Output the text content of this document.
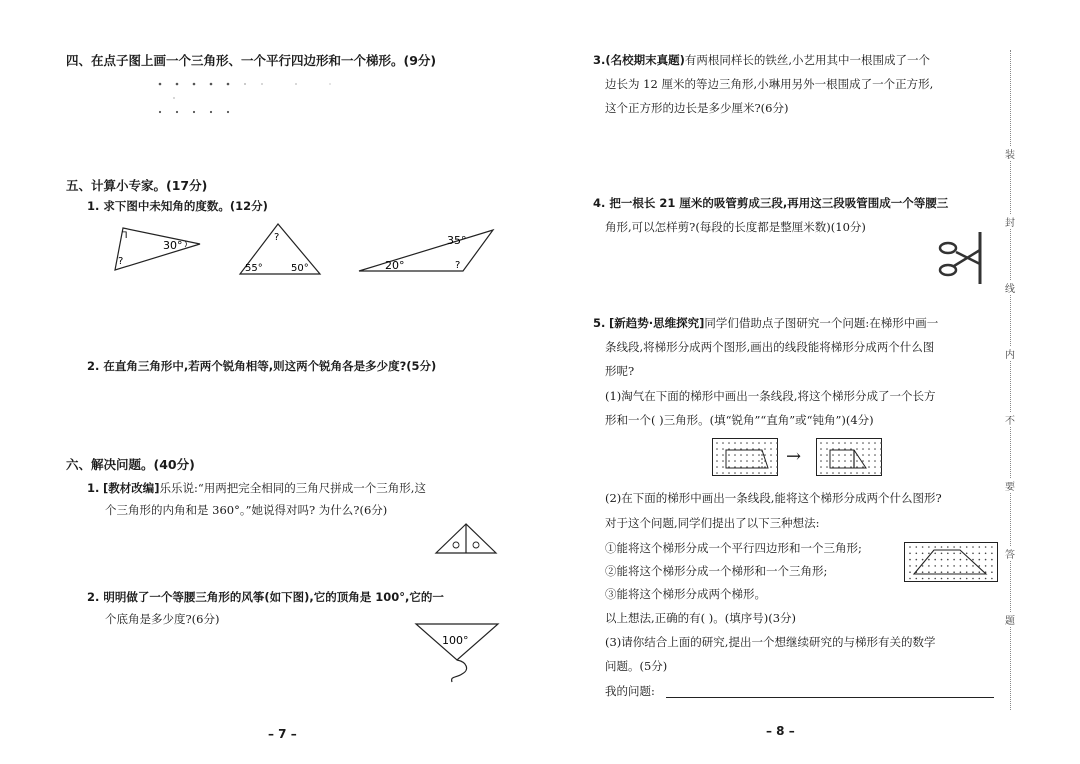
四、在点子图上画一个三角形、一个平行四边形和一个梯形。(9分)
五、计算小专家。(17分)
1. 求下图中未知角的度数。(12分)
30°
?
ᒣ	?
55°	50°
35°
20°	?
2. 在直角三角形中,若两个锐角相等,则这两个锐角各是多少度?(5分)
六、解决问题。(40分)
1. [教材改编]乐乐说:“用两把完全相同的三角尺拼成一个三角形,这
个三角形的内角和是 360°。”她说得对吗? 为什么?(6分)
2. 明明做了一个等腰三角形的风筝(如下图),它的顶角是 100°,它的一
个底角是多少度?(6分)
100°
– 7 –
3.(名校期末真题)有两根同样长的铁丝,小艺用其中一根围成了一个
边长为 12 厘米的等边三角形,小琳用另外一根围成了一个正方形,
这个正方形的边长是多少厘米?(6分)
4. 把一根长 21 厘米的吸管剪成三段,再用这三段吸管围成一个等腰三
角形,可以怎样剪?(每段的长度都是整厘米数)(10分)
5. [新趋势·思维探究]同学们借助点子图研究一个问题:在梯形中画一
条线段,将梯形分成两个图形,画出的线段能将梯形分成两个什么图
形呢?
(1)淘气在下面的梯形中画出一条线段,将这个梯形分成了一个长方
形和一个( )三角形。(填“锐角”“直角”或“钝角”)(4分)
→
(2)在下面的梯形中画出一条线段,能将这个梯形分成两个什么图形?
对于这个问题,同学们提出了以下三种想法:
①能将这个梯形分成一个平行四边形和一个三角形;
②能将这个梯形分成一个梯形和一个三角形;
③能将这个梯形分成两个梯形。
以上想法,正确的有( )。(填序号)(3分)
(3)请你结合上面的研究,提出一个想继续研究的与梯形有关的数学
问题。(5分)
我的问题:
– 8 –
装
封
线
内
不
要
答
题
